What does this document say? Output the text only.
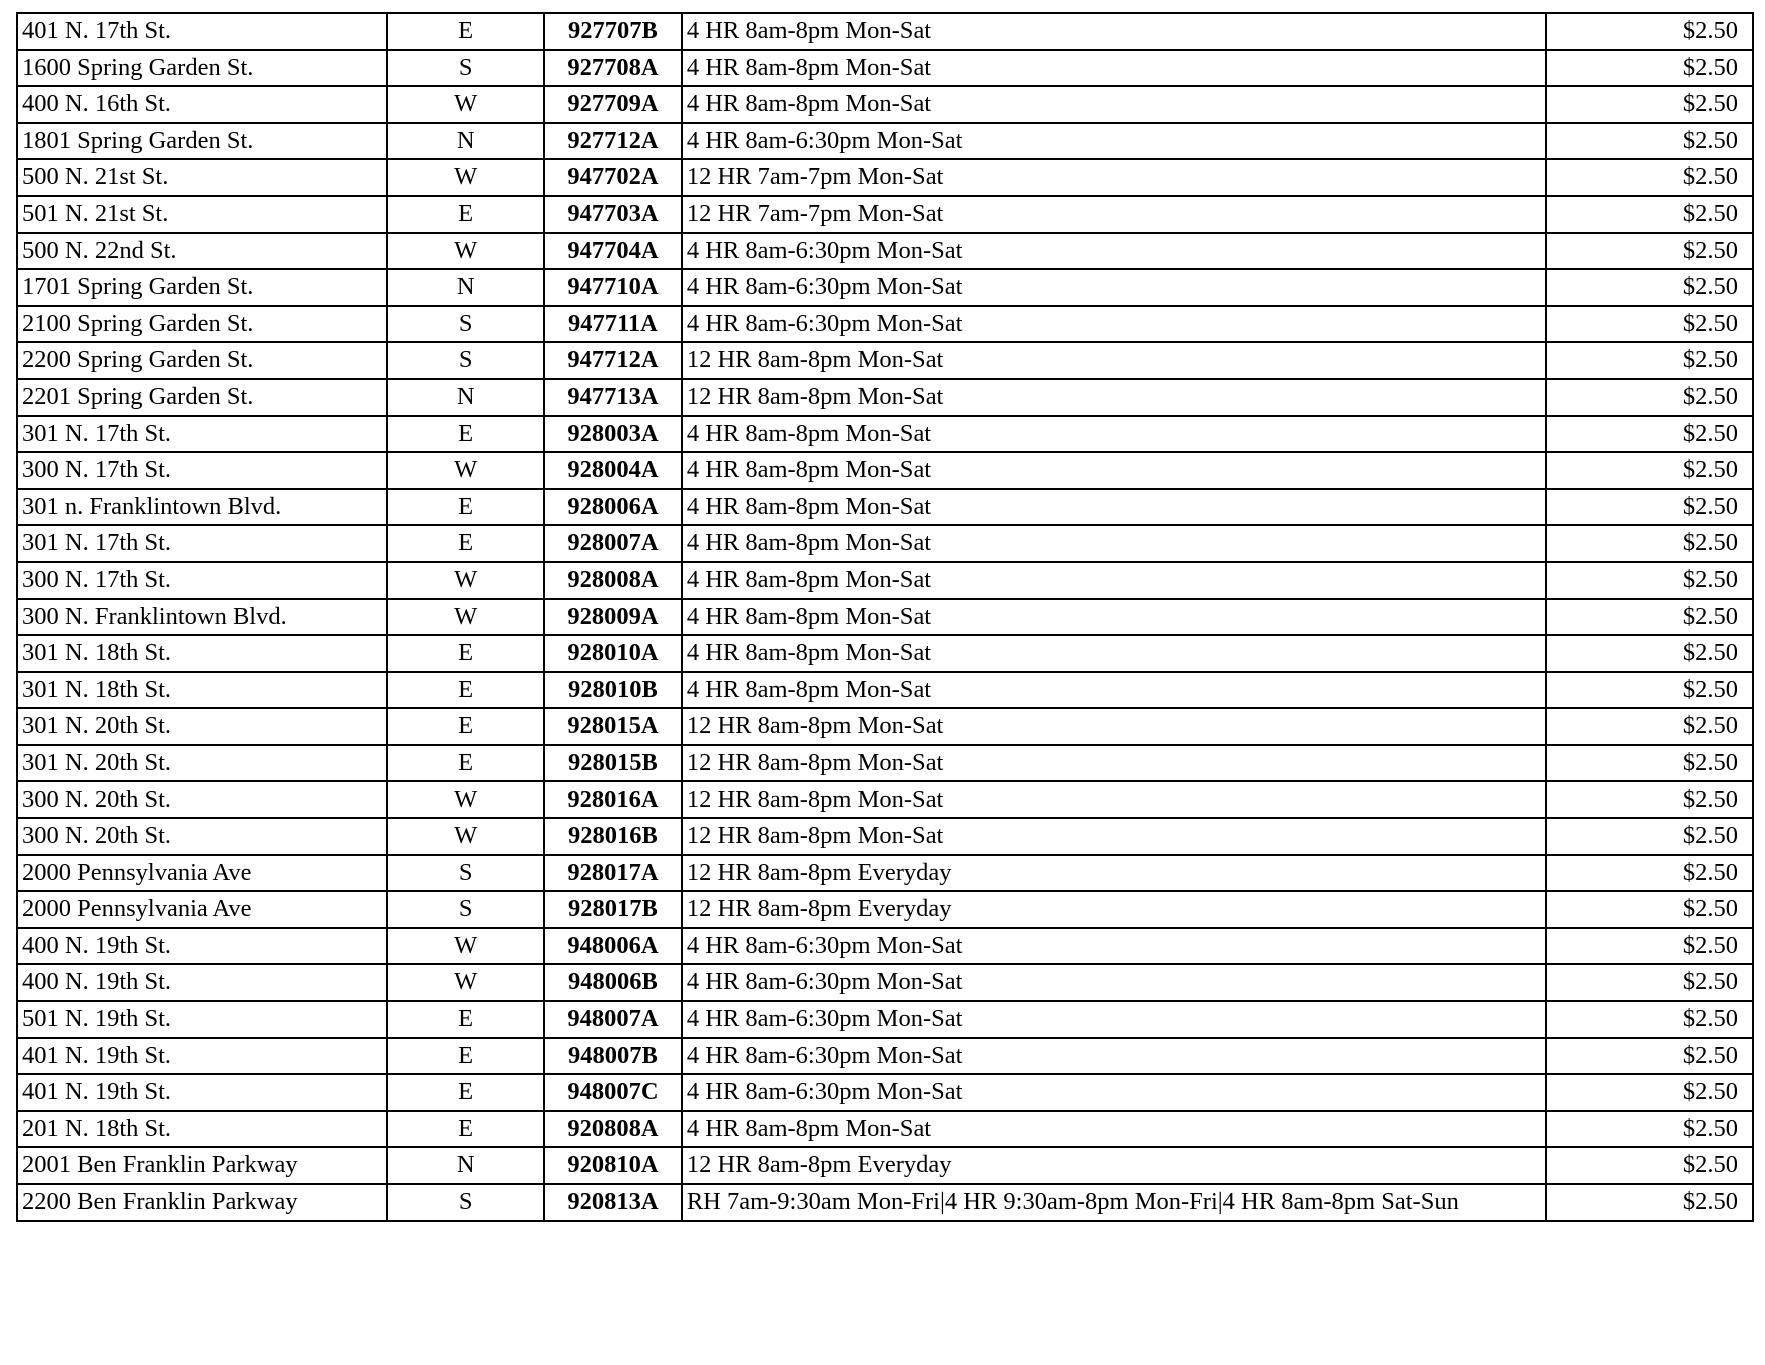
401 N. 17th St.	E	927707B	4 HR 8am-8pm Mon-Sat	$2.50
1600 Spring Garden St.	S	927708A	4 HR 8am-8pm Mon-Sat	$2.50
400 N. 16th St.	W	927709A	4 HR 8am-8pm Mon-Sat	$2.50
1801 Spring Garden St.	N	927712A	4 HR 8am-6:30pm Mon-Sat	$2.50
500 N. 21st St.	W	947702A	12 HR 7am-7pm Mon-Sat	$2.50
501 N. 21st St.	E	947703A	12 HR 7am-7pm Mon-Sat	$2.50
500 N. 22nd St.	W	947704A	4 HR 8am-6:30pm Mon-Sat	$2.50
1701 Spring Garden St.	N	947710A	4 HR 8am-6:30pm Mon-Sat	$2.50
2100 Spring Garden St.	S	947711A	4 HR 8am-6:30pm Mon-Sat	$2.50
2200 Spring Garden St.	S	947712A	12 HR 8am-8pm Mon-Sat	$2.50
2201 Spring Garden St.	N	947713A	12 HR 8am-8pm Mon-Sat	$2.50
301 N. 17th St.	E	928003A	4 HR 8am-8pm Mon-Sat	$2.50
300 N. 17th St.	W	928004A	4 HR 8am-8pm Mon-Sat	$2.50
301 n. Franklintown Blvd.	E	928006A	4 HR 8am-8pm Mon-Sat	$2.50
301 N. 17th St.	E	928007A	4 HR 8am-8pm Mon-Sat	$2.50
300 N. 17th St.	W	928008A	4 HR 8am-8pm Mon-Sat	$2.50
300 N. Franklintown Blvd.	W	928009A	4 HR 8am-8pm Mon-Sat	$2.50
301 N. 18th St.	E	928010A	4 HR 8am-8pm Mon-Sat	$2.50
301 N. 18th St.	E	928010B	4 HR 8am-8pm Mon-Sat	$2.50
301 N. 20th St.	E	928015A	12 HR 8am-8pm Mon-Sat	$2.50
301 N. 20th St.	E	928015B	12 HR 8am-8pm Mon-Sat	$2.50
300 N. 20th St.	W	928016A	12 HR 8am-8pm Mon-Sat	$2.50
300 N. 20th St.	W	928016B	12 HR 8am-8pm Mon-Sat	$2.50
2000 Pennsylvania Ave	S	928017A	12 HR 8am-8pm Everyday	$2.50
2000 Pennsylvania Ave	S	928017B	12 HR 8am-8pm Everyday	$2.50
400 N. 19th St.	W	948006A	4 HR 8am-6:30pm Mon-Sat	$2.50
400 N. 19th St.	W	948006B	4 HR 8am-6:30pm Mon-Sat	$2.50
501 N. 19th St.	E	948007A	4 HR 8am-6:30pm Mon-Sat	$2.50
401 N. 19th St.	E	948007B	4 HR 8am-6:30pm Mon-Sat	$2.50
401 N. 19th St.	E	948007C	4 HR 8am-6:30pm Mon-Sat	$2.50
201 N. 18th St.	E	920808A	4 HR 8am-8pm Mon-Sat	$2.50
2001 Ben Franklin Parkway	N	920810A	12 HR 8am-8pm Everyday	$2.50
2200 Ben Franklin Parkway	S	920813A	RH 7am-9:30am Mon-Fri|4 HR 9:30am-8pm Mon-Fri|4 HR 8am-8pm Sat-Sun	$2.50
